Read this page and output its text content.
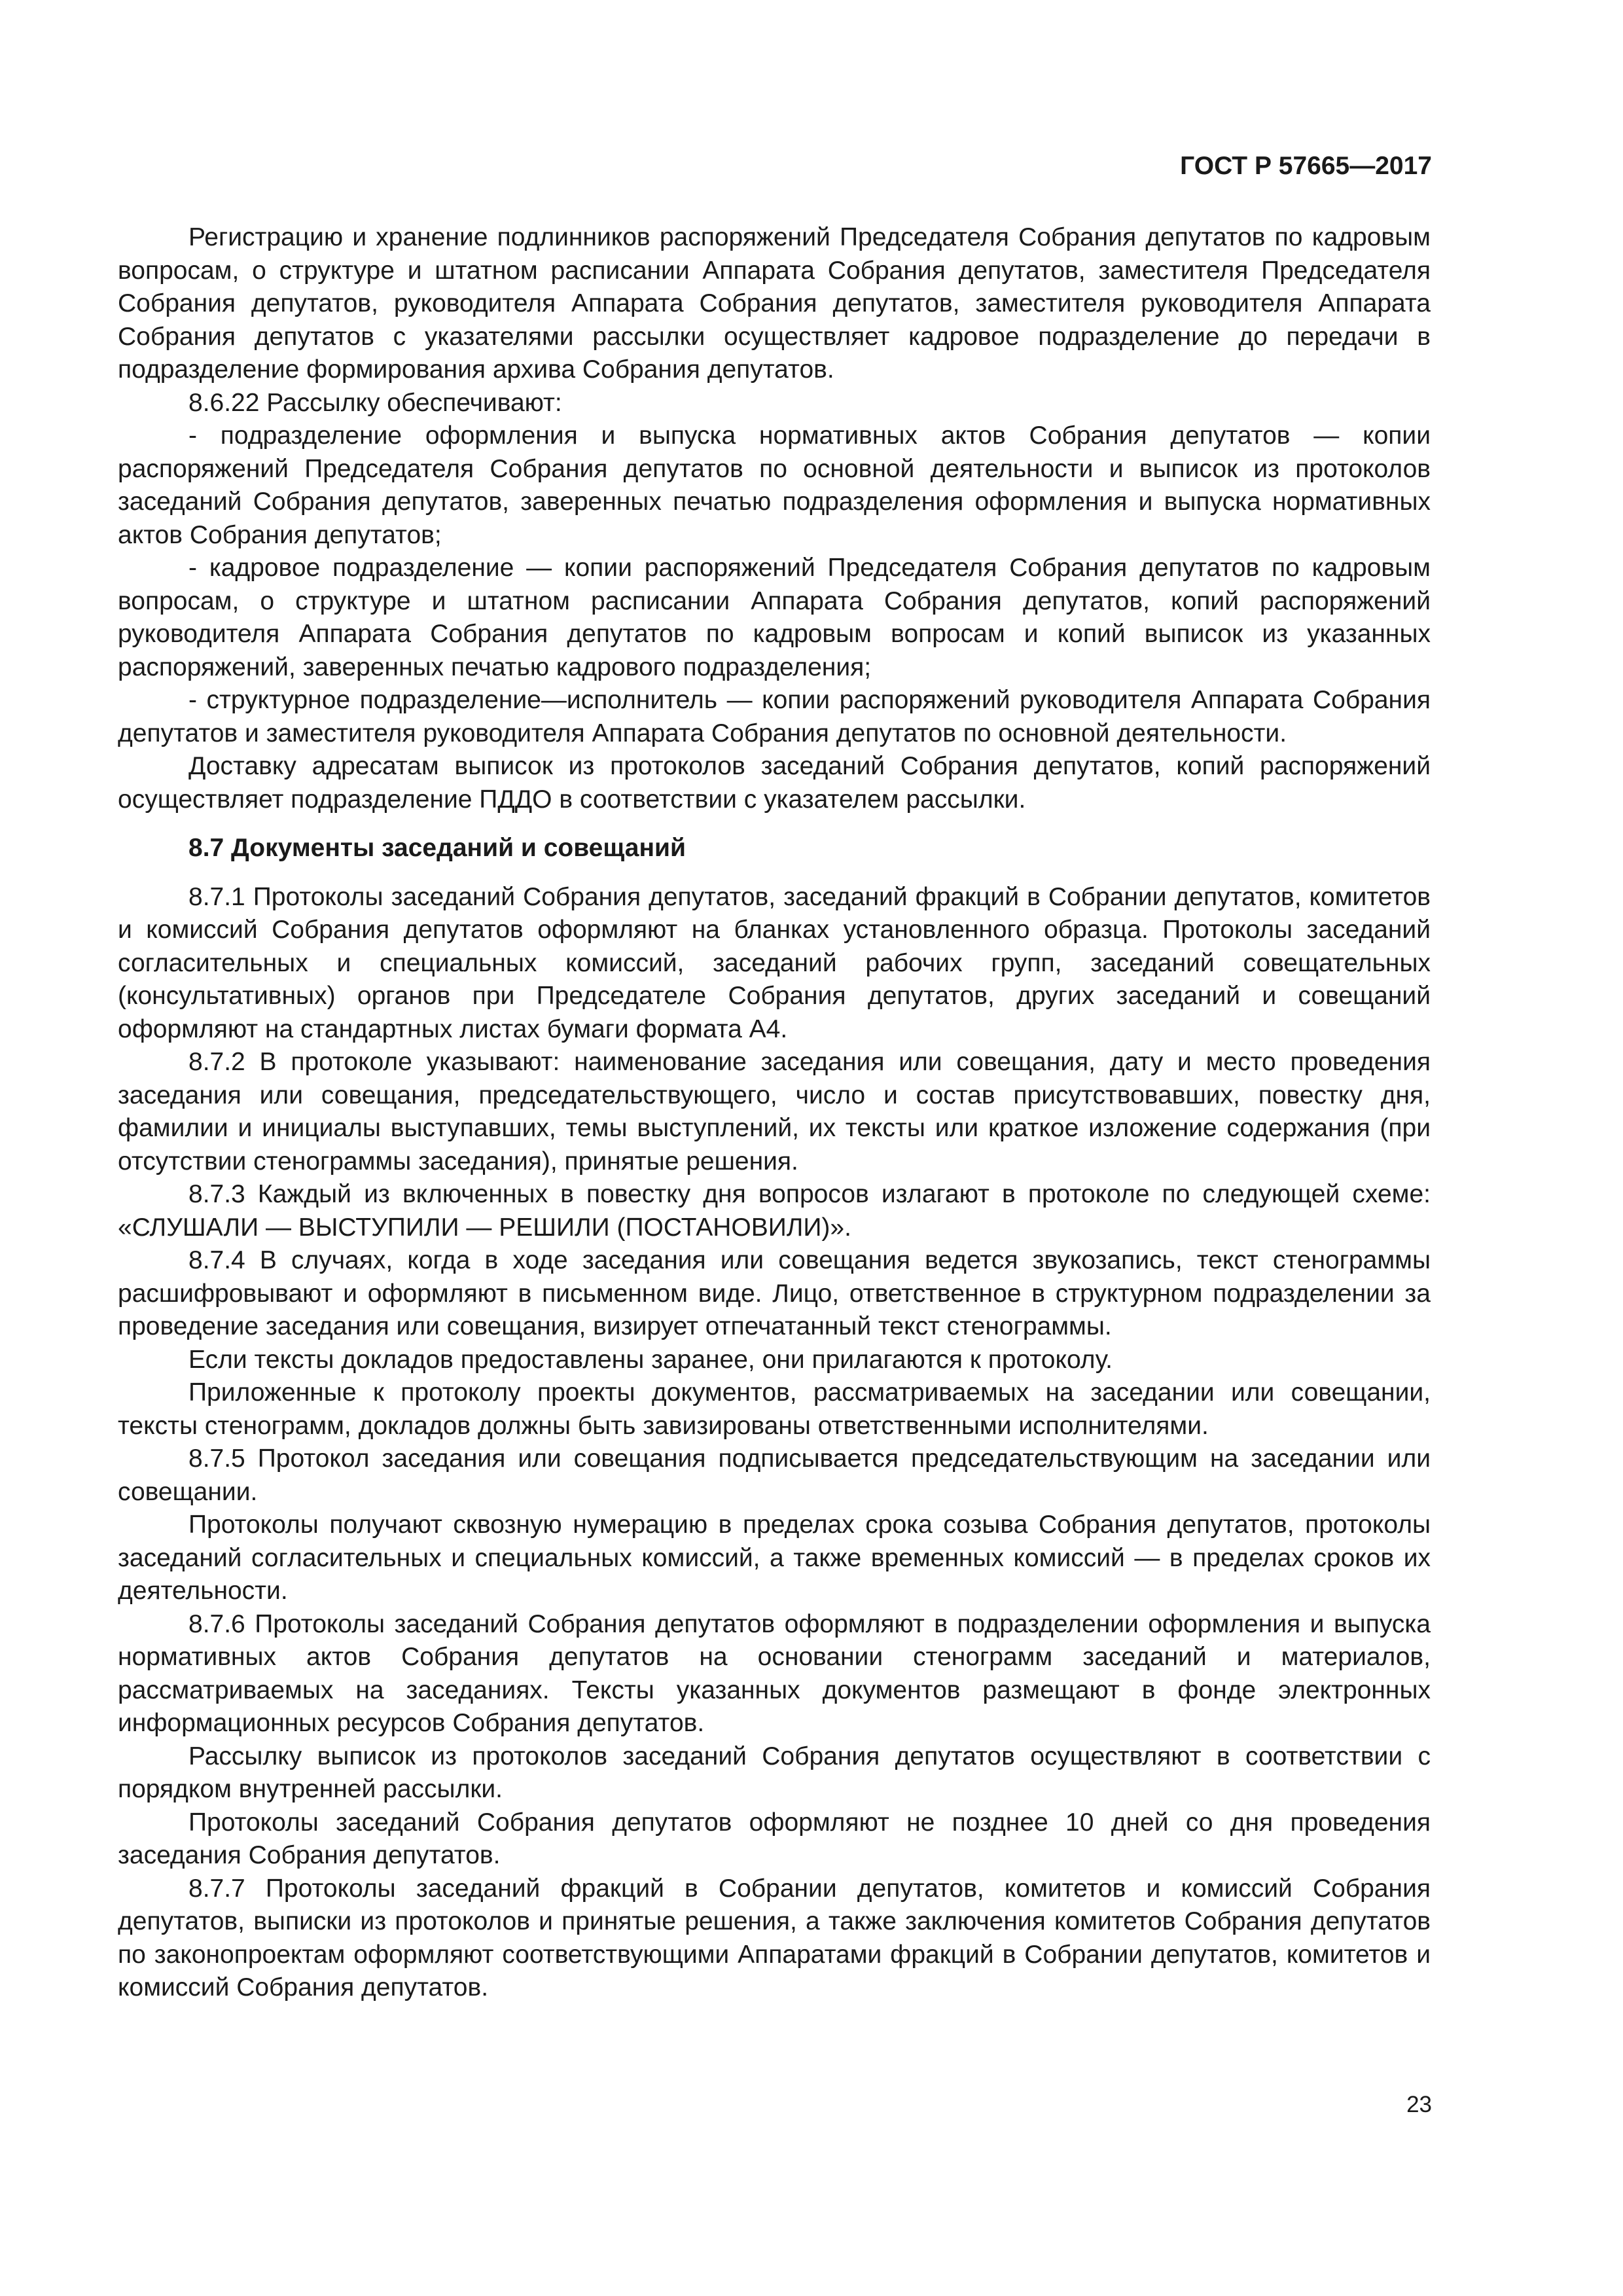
ГОСТ Р 57665—2017

Регистрацию и хранение подлинников распоряжений Председателя Собрания депутатов по кадровым вопросам, о структуре и штатном расписании Аппарата Собрания депутатов, заместителя Председателя Собрания депутатов, руководителя Аппарата Собрания депутатов, заместителя руководителя Аппарата Собрания депутатов с указателями рассылки осуществляет кадровое подразделение до передачи в подразделение формирования архива Собрания депутатов.

8.6.22 Рассылку обеспечивают:

- подразделение оформления и выпуска нормативных актов Собрания депутатов — копии распоряжений Председателя Собрания депутатов по основной деятельности и выписок из протоколов заседаний Собрания депутатов, заверенных печатью подразделения оформления и выпуска нормативных актов Собрания депутатов;

- кадровое подразделение — копии распоряжений Председателя Собрания депутатов по кадровым вопросам, о структуре и штатном расписании Аппарата Собрания депутатов, копий распоряжений руководителя Аппарата Собрания депутатов по кадровым вопросам и копий выписок из указанных распоряжений, заверенных печатью кадрового подразделения;

- структурное подразделение—исполнитель — копии распоряжений руководителя Аппарата Собрания депутатов и заместителя руководителя Аппарата Собрания депутатов по основной деятельности.

Доставку адресатам выписок из протоколов заседаний Собрания депутатов, копий распоряжений осуществляет подразделение ПДДО в соответствии с указателем рассылки.

8.7 Документы заседаний и совещаний

8.7.1 Протоколы заседаний Собрания депутатов, заседаний фракций в Собрании депутатов, комитетов и комиссий Собрания депутатов оформляют на бланках установленного образца. Протоколы заседаний согласительных и специальных комиссий, заседаний рабочих групп, заседаний совещательных (консультативных) органов при Председателе Собрания депутатов, других заседаний и совещаний оформляют на стандартных листах бумаги формата А4.

8.7.2 В протоколе указывают: наименование заседания или совещания, дату и место проведения заседания или совещания, председательствующего, число и состав присутствовавших, повестку дня, фамилии и инициалы выступавших, темы выступлений, их тексты или краткое изложение содержания (при отсутствии стенограммы заседания), принятые решения.

8.7.3 Каждый из включенных в повестку дня вопросов излагают в протоколе по следующей схеме: «СЛУШАЛИ — ВЫСТУПИЛИ — РЕШИЛИ (ПОСТАНОВИЛИ)».

8.7.4 В случаях, когда в ходе заседания или совещания ведется звукозапись, текст стенограммы расшифровывают и оформляют в письменном виде. Лицо, ответственное в структурном подразделении за проведение заседания или совещания, визирует отпечатанный текст стенограммы.

Если тексты докладов предоставлены заранее, они прилагаются к протоколу.

Приложенные к протоколу проекты документов, рассматриваемых на заседании или совещании, тексты стенограмм, докладов должны быть завизированы ответственными исполнителями.

8.7.5 Протокол заседания или совещания подписывается председательствующим на заседании или совещании.

Протоколы получают сквозную нумерацию в пределах срока созыва Собрания депутатов, протоколы заседаний согласительных и специальных комиссий, а также временных комиссий — в пределах сроков их деятельности.

8.7.6 Протоколы заседаний Собрания депутатов оформляют в подразделении оформления и выпуска нормативных актов Собрания депутатов на основании стенограмм заседаний и материалов, рассматриваемых на заседаниях. Тексты указанных документов размещают в фонде электронных информационных ресурсов Собрания депутатов.

Рассылку выписок из протоколов заседаний Собрания депутатов осуществляют в соответствии с порядком внутренней рассылки.

Протоколы заседаний Собрания депутатов оформляют не позднее 10 дней со дня проведения заседания Собрания депутатов.

8.7.7 Протоколы заседаний фракций в Собрании депутатов, комитетов и комиссий Собрания депутатов, выписки из протоколов и принятые решения, а также заключения комитетов Собрания депутатов по законопроектам оформляют соответствующими Аппаратами фракций в Собрании депутатов, комитетов и комиссий Собрания депутатов.

23
